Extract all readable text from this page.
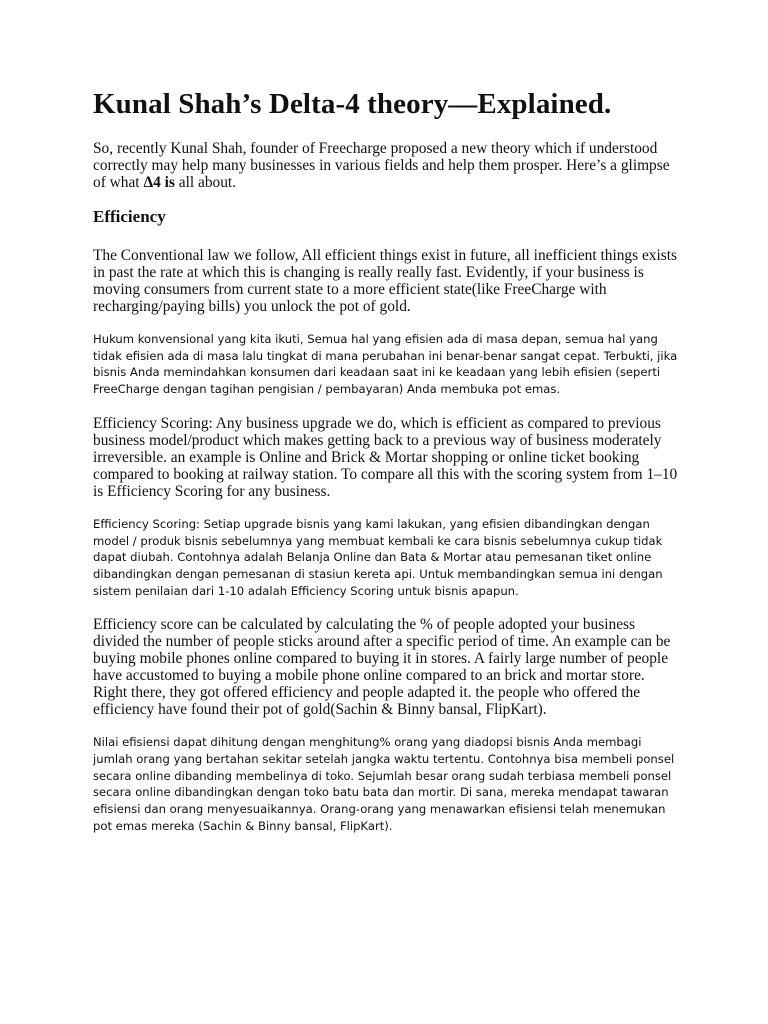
Kunal Shah’s Delta-4 theory—Explained.

So, recently Kunal Shah, founder of Freecharge proposed a new theory which if understood correctly may help many businesses in various fields and help them prosper. Here’s a glimpse of what Δ4 is all about.

Efficiency

The Conventional law we follow, All efficient things exist in future, all inefficient things exists in past the rate at which this is changing is really really fast. Evidently, if your business is moving consumers from current state to a more efficient state(like FreeCharge with recharging/paying bills) you unlock the pot of gold.

Hukum konvensional yang kita ikuti, Semua hal yang efisien ada di masa depan, semua hal yang tidak efisien ada di masa lalu tingkat di mana perubahan ini benar-benar sangat cepat. Terbukti, jika bisnis Anda memindahkan konsumen dari keadaan saat ini ke keadaan yang lebih efisien (seperti FreeCharge dengan tagihan pengisian / pembayaran) Anda membuka pot emas.

Efficiency Scoring: Any business upgrade we do, which is efficient as compared to previous business model/product which makes getting back to a previous way of business moderately irreversible. an example is Online and Brick & Mortar shopping or online ticket booking compared to booking at railway station. To compare all this with the scoring system from 1–10 is Efficiency Scoring for any business.

Efficiency Scoring: Setiap upgrade bisnis yang kami lakukan, yang efisien dibandingkan dengan model / produk bisnis sebelumnya yang membuat kembali ke cara bisnis sebelumnya cukup tidak dapat diubah. Contohnya adalah Belanja Online dan Bata & Mortar atau pemesanan tiket online dibandingkan dengan pemesanan di stasiun kereta api. Untuk membandingkan semua ini dengan sistem penilaian dari 1-10 adalah Efficiency Scoring untuk bisnis apapun.

Efficiency score can be calculated by calculating the % of people adopted your business divided the number of people sticks around after a specific period of time. An example can be buying mobile phones online compared to buying it in stores. A fairly large number of people have accustomed to buying a mobile phone online compared to an brick and mortar store. Right there, they got offered efficiency and people adapted it. the people who offered the efficiency have found their pot of gold(Sachin & Binny bansal, FlipKart).

Nilai efisiensi dapat dihitung dengan menghitung% orang yang diadopsi bisnis Anda membagi jumlah orang yang bertahan sekitar setelah jangka waktu tertentu. Contohnya bisa membeli ponsel secara online dibanding membelinya di toko. Sejumlah besar orang sudah terbiasa membeli ponsel secara online dibandingkan dengan toko batu bata dan mortir. Di sana, mereka mendapat tawaran efisiensi dan orang menyesuaikannya. Orang-orang yang menawarkan efisiensi telah menemukan pot emas mereka (Sachin & Binny bansal, FlipKart).
